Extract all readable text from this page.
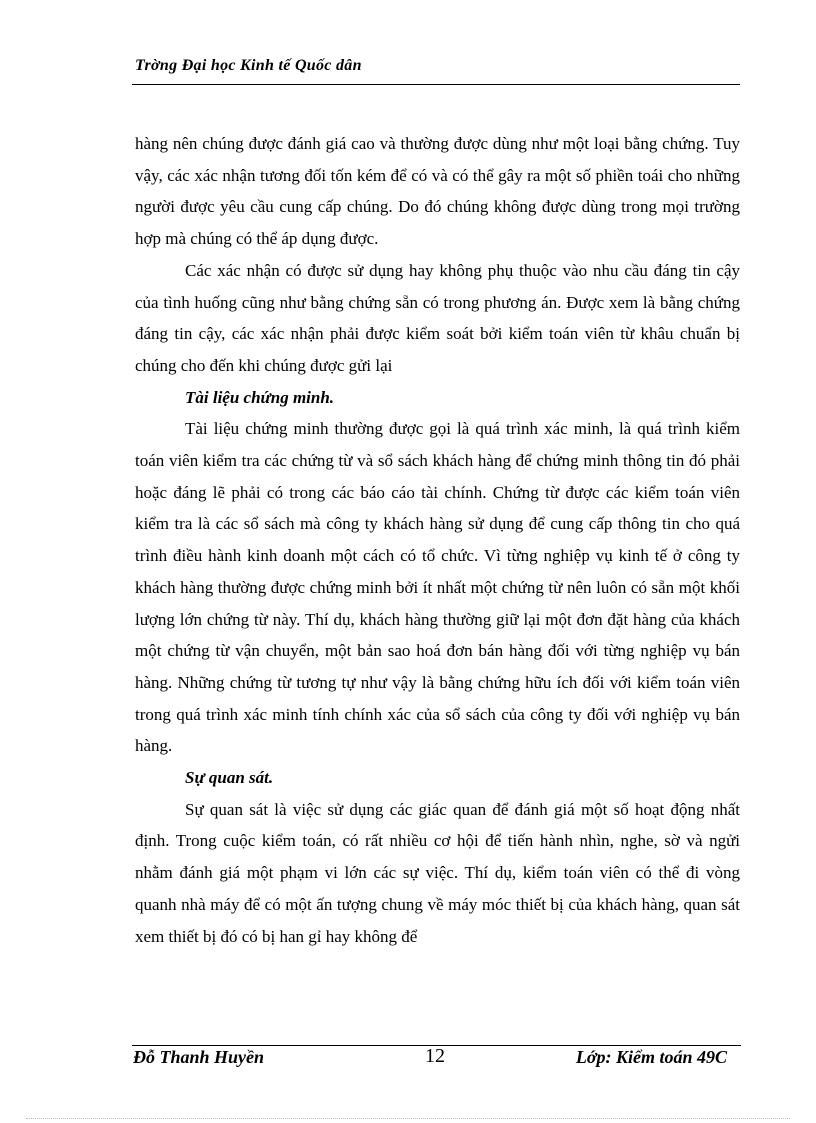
Trờng Đại học Kinh tế Quốc dân

hàng nên chúng được đánh giá cao và thường được dùng như một loại bằng chứng. Tuy vậy, các xác nhận tương đối tốn kém để có và có thể gây ra một số phiền toái cho những người được yêu cầu cung cấp chúng. Do đó chúng không được dùng trong mọi trường hợp mà chúng có thể áp dụng được.

Các xác nhận có được sử dụng hay không phụ thuộc vào nhu cầu đáng tin cậy của tình huống cũng như bằng chứng sẵn có trong phương án. Được xem là bằng chứng đáng tin cậy, các xác nhận phải được kiểm soát bởi kiểm toán viên từ khâu chuẩn bị chúng cho đến khi chúng được gửi lại

Tài liệu chứng minh.

Tài liệu chứng minh thường được gọi là quá trình xác minh, là quá trình kiểm toán viên kiểm tra các chứng từ và sổ sách khách hàng để chứng minh thông tin đó phải hoặc đáng lẽ phải có trong các báo cáo tài chính. Chứng từ được các kiểm toán viên kiểm tra là các sổ sách mà công ty khách hàng sử dụng để cung cấp thông tin cho quá trình điều hành kinh doanh một cách có tổ chức. Vì từng nghiệp vụ kinh tế ở công ty khách hàng thường được chứng minh bởi ít nhất một chứng từ nên luôn có sẵn một khối lượng lớn chứng từ này. Thí dụ, khách hàng thường giữ lại một đơn đặt hàng của khách một chứng từ vận chuyển, một bản sao hoá đơn bán hàng đối với từng nghiệp vụ bán hàng. Những chứng từ tương tự như vậy là bằng chứng hữu ích đối với kiểm toán viên trong quá trình xác minh tính chính xác của sổ sách của công ty đối với nghiệp vụ bán hàng.

Sự quan sát.

Sự quan sát là việc sử dụng các giác quan để đánh giá một số hoạt động nhất định. Trong cuộc kiểm toán, có rất nhiều cơ hội để tiến hành nhìn, nghe, sờ và ngửi nhằm đánh giá một phạm vi lớn các sự việc. Thí dụ, kiểm toán viên có thể đi vòng quanh nhà máy để có một ấn tượng chung về máy móc thiết bị của khách hàng, quan sát xem thiết bị đó có bị han gỉ hay không để

Đỗ Thanh Huyền	12	Lớp: Kiểm toán 49C
